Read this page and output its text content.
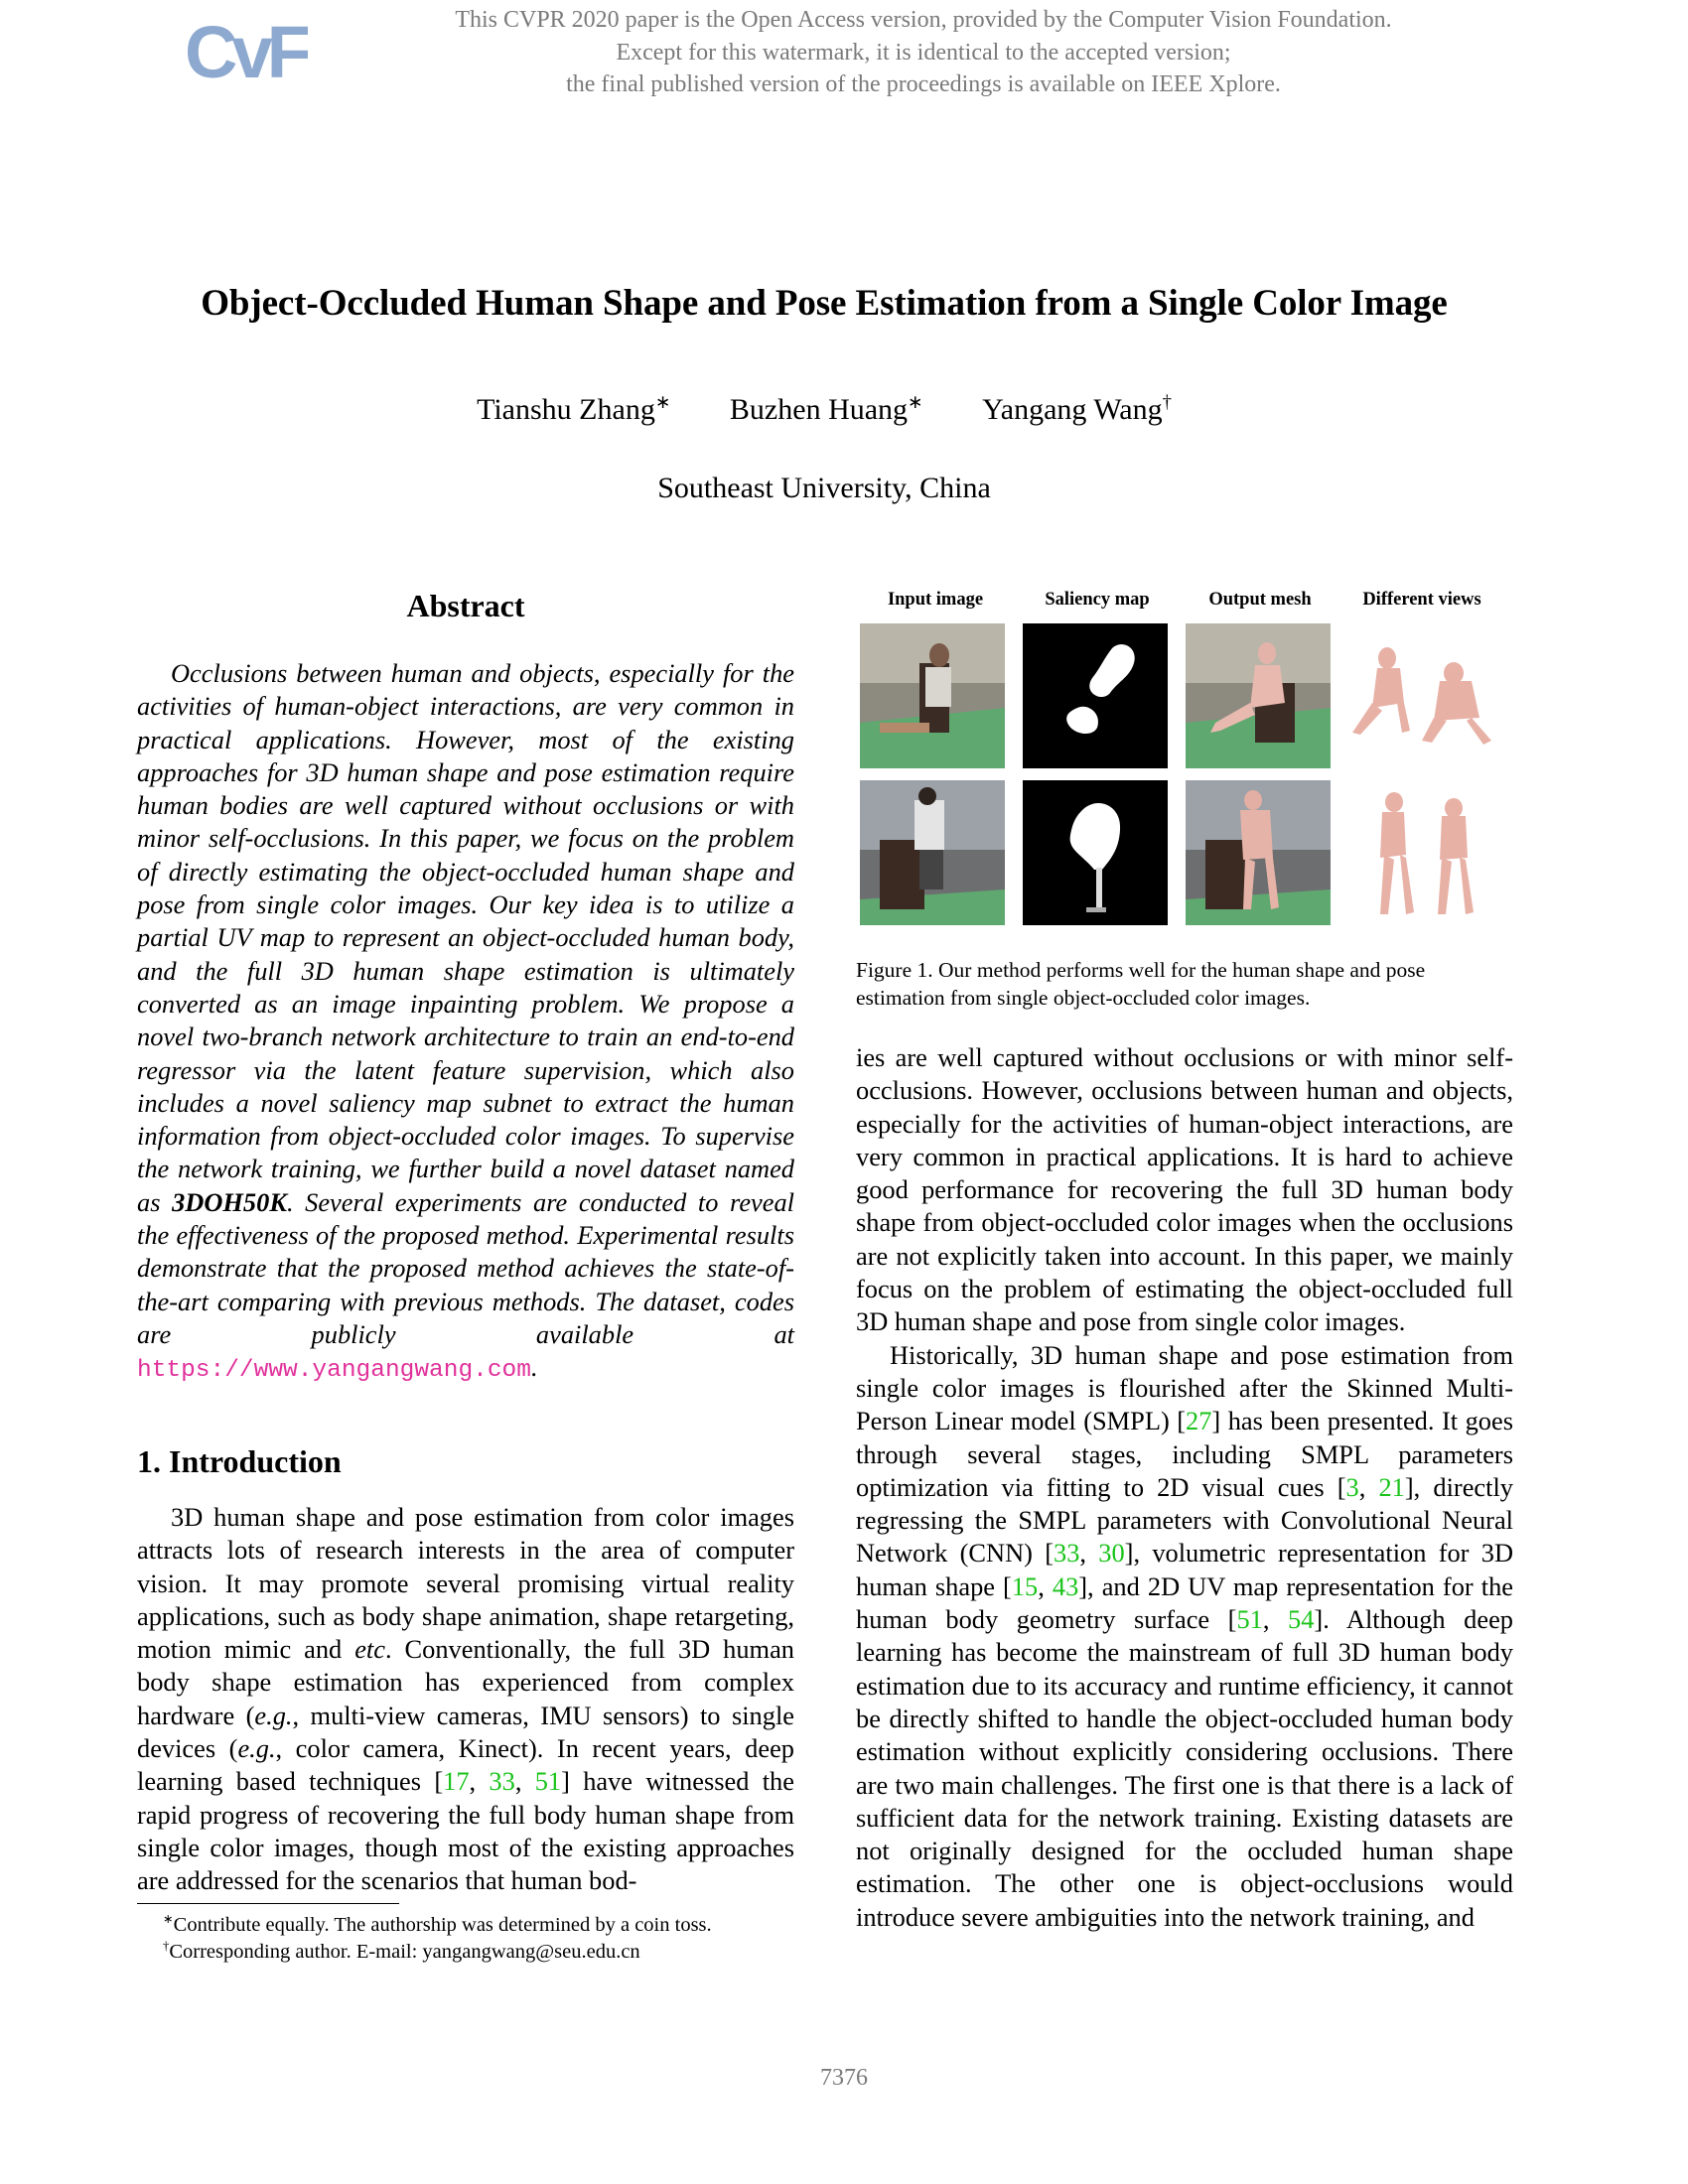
CvF	This CVPR 2020 paper is the Open Access version, provided by the Computer Vision Foundation.
Except for this watermark, it is identical to the accepted version;
the final published version of the proceedings is available on IEEE Xplore.
Object-Occluded Human Shape and Pose Estimation from a Single Color Image
Tianshu Zhang∗ Buzhen Huang∗ Yangang Wang†
Southeast University, China
Abstract
Occlusions between human and objects, especially for the activities of human-object interactions, are very common in practical applications. However, most of the existing approaches for 3D human shape and pose estimation require human bodies are well captured without occlusions or with minor self-occlusions. In this paper, we focus on the problem of directly estimating the object-occluded human shape and pose from single color images. Our key idea is to utilize a partial UV map to represent an object-occluded human body, and the full 3D human shape estimation is ultimately converted as an image inpainting problem. We propose a novel two-branch network architecture to train an end-to-end regressor via the latent feature supervision, which also includes a novel saliency map subnet to extract the human information from object-occluded color images. To supervise the network training, we further build a novel dataset named as 3DOH50K. Several experiments are conducted to reveal the effectiveness of the proposed method. Experimental results demonstrate that the proposed method achieves the state-of-the-art comparing with previous methods. The dataset, codes are publicly available at https://www.yangangwang.com.
1. Introduction
3D human shape and pose estimation from color images attracts lots of research interests in the area of computer vision. It may promote several promising virtual reality applications, such as body shape animation, shape retargeting, motion mimic and etc. Conventionally, the full 3D human body shape estimation has experienced from complex hardware (e.g., multi-view cameras, IMU sensors) to single devices (e.g., color camera, Kinect). In recent years, deep learning based techniques [17, 33, 51] have witnessed the rapid progress of recovering the full body human shape from single color images, though most of the existing approaches are addressed for the scenarios that human bod-
∗Contribute equally. The authorship was determined by a coin toss.
†Corresponding author. E-mail: yangangwang@seu.edu.cn
Input image	Saliency map	Output mesh	Different views
Figure 1. Our method performs well for the human shape and pose estimation from single object-occluded color images.
ies are well captured without occlusions or with minor self-occlusions. However, occlusions between human and objects, especially for the activities of human-object interactions, are very common in practical applications. It is hard to achieve good performance for recovering the full 3D human body shape from object-occluded color images when the occlusions are not explicitly taken into account. In this paper, we mainly focus on the problem of estimating the object-occluded full 3D human shape and pose from single color images.
Historically, 3D human shape and pose estimation from single color images is flourished after the Skinned Multi-Person Linear model (SMPL) [27] has been presented. It goes through several stages, including SMPL parameters optimization via fitting to 2D visual cues [3, 21], directly regressing the SMPL parameters with Convolutional Neural Network (CNN) [33, 30], volumetric representation for 3D human shape [15, 43], and 2D UV map representation for the human body geometry surface [51, 54]. Although deep learning has become the mainstream of full 3D human body estimation due to its accuracy and runtime efficiency, it cannot be directly shifted to handle the object-occluded human body estimation without explicitly considering occlusions. There are two main challenges. The first one is that there is a lack of sufficient data for the network training. Existing datasets are not originally designed for the occluded human shape estimation. The other one is object-occlusions would introduce severe ambiguities into the network training, and
7376
